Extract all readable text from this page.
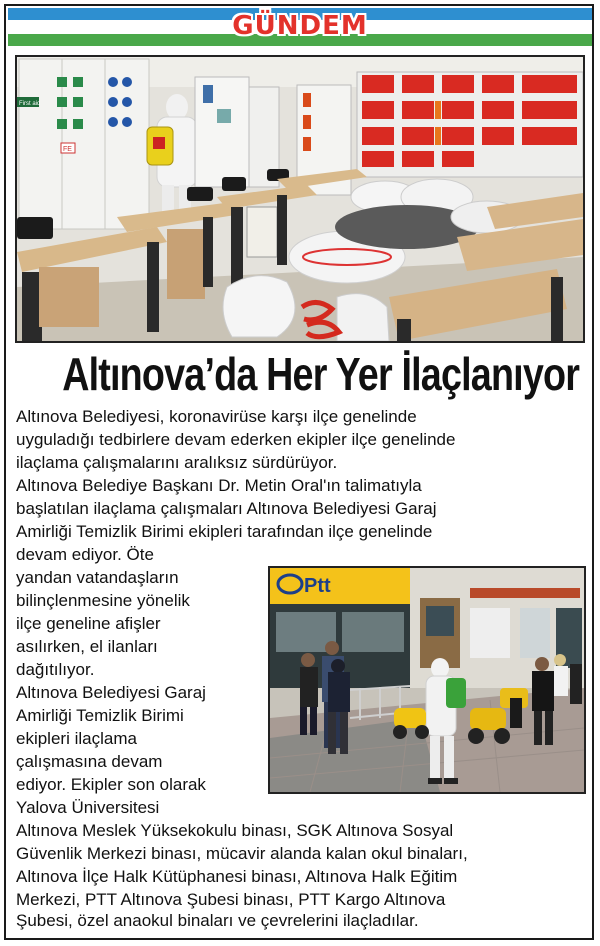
GÜNDEM
First aid
FE
Altınova’da Her Yer İlaçlanıyor
Ptt
Altınova Belediyesi, koronavirüse karşı ilçe genelinde
uyguladığı tedbirlere devam ederken ekipler ilçe genelinde
ilaçlama çalışmalarını aralıksız sürdürüyor.
Altınova Belediye Başkanı Dr. Metin Oral'ın talimatıyla
başlatılan ilaçlama çalışmaları Altınova Belediyesi Garaj
Amirliği Temizlik Birimi ekipleri tarafından ilçe genelinde
devam ediyor. Öte
yandan vatandaşların
bilinçlenmesine yönelik
ilçe geneline afişler
asılırken, el ilanları
dağıtılıyor.
Altınova Belediyesi Garaj
Amirliği Temizlik Birimi
ekipleri ilaçlama
çalışmasına devam
ediyor. Ekipler son olarak
Yalova Üniversitesi
Altınova Meslek Yüksekokulu binası, SGK Altınova Sosyal
Güvenlik Merkezi binası, mücavir alanda kalan okul binaları,
Altınova İlçe Halk Kütüphanesi binası, Altınova Halk Eğitim
Merkezi, PTT Altınova Şubesi binası, PTT Kargo Altınova
Şubesi, özel anaokul binaları ve çevrelerini ilaçladılar.
